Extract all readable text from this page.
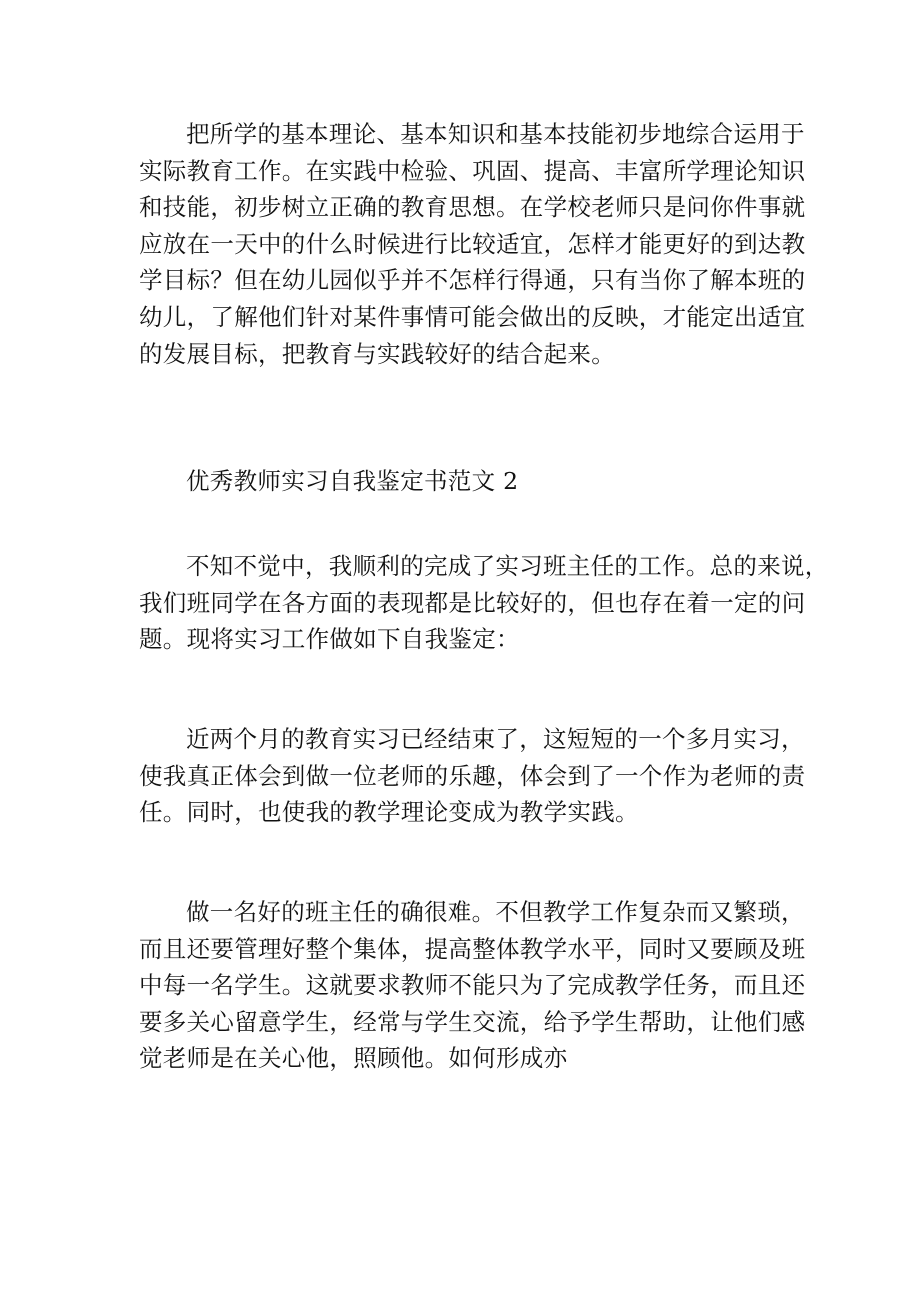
把所学的基本理论、基本知识和基本技能初步地综合运用于
实际教育工作。在实践中检验、巩固、提高、丰富所学理论知识
和技能，初步树立正确的教育思想。在学校老师只是问你件事就
应放在一天中的什么时候进行比较适宜，怎样才能更好的到达教
学目标？但在幼儿园似乎并不怎样行得通，只有当你了解本班的
幼儿，了解他们针对某件事情可能会做出的反映，才能定出适宜
的发展目标，把教育与实践较好的结合起来。

优秀教师实习自我鉴定书范文 2

不知不觉中，我顺利的完成了实习班主任的工作。总的来说，
我们班同学在各方面的表现都是比较好的，但也存在着一定的问
题。现将实习工作做如下自我鉴定：

近两个月的教育实习已经结束了，这短短的一个多月实习，
使我真正体会到做一位老师的乐趣，体会到了一个作为老师的责
任。同时，也使我的教学理论变成为教学实践。

做一名好的班主任的确很难。不但教学工作复杂而又繁琐，
而且还要管理好整个集体，提高整体教学水平，同时又要顾及班
中每一名学生。这就要求教师不能只为了完成教学任务，而且还
要多关心留意学生，经常与学生交流，给予学生帮助，让他们感
觉老师是在关心他，照顾他。如何形成亦
